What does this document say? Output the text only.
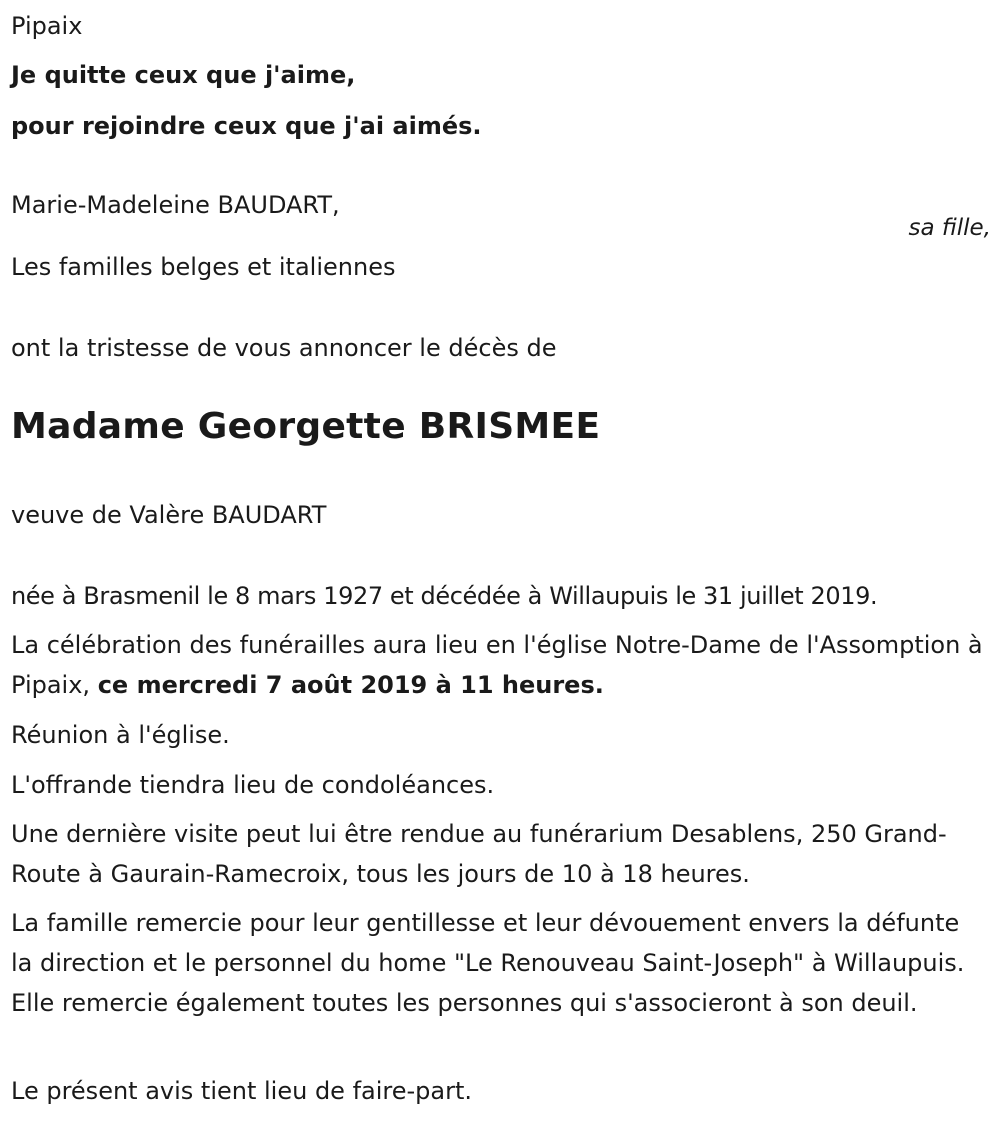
Pipaix

Je quitte ceux que j'aime,

pour rejoindre ceux que j'ai aimés.

Marie-Madeleine BAUDART,

sa fille,

Les familles belges et italiennes

ont la tristesse de vous annoncer le décès de

Madame Georgette BRISMEE

veuve de Valère BAUDART

née à Brasmenil le 8 mars 1927 et décédée à Willaupuis le 31 juillet 2019.

La célébration des funérailles aura lieu en l'église Notre-Dame de l'Assomption à Pipaix, ce mercredi 7 août 2019 à 11 heures.

Réunion à l'église.

L'offrande tiendra lieu de condoléances.

Une dernière visite peut lui être rendue au funérarium Desablens, 250 Grand-Route à Gaurain-Ramecroix, tous les jours de 10 à 18 heures.

La famille remercie pour leur gentillesse et leur dévouement envers la défunte la direction et le personnel du home "Le Renouveau Saint-Joseph" à Willaupuis. Elle remercie également toutes les personnes qui s'associeront à son deuil.

Le présent avis tient lieu de faire-part.
